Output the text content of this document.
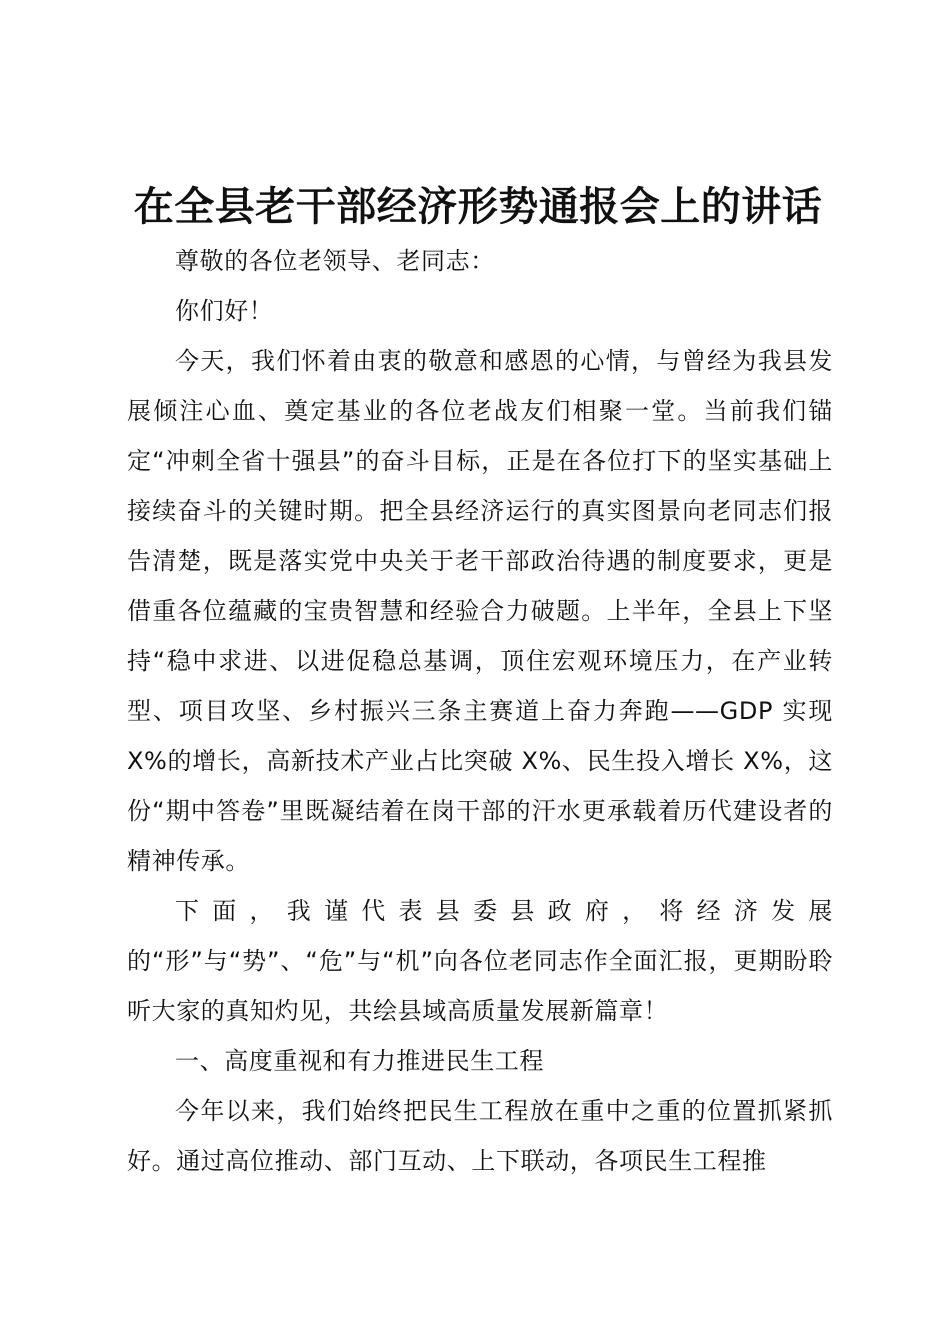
在全县老干部经济形势通报会上的讲话

尊敬的各位老领导、老同志：

你们好！

今天，我们怀着由衷的敬意和感恩的心情，与曾经为我县发展倾注心血、奠定基业的各位老战友们相聚一堂。当前我们锚定“冲刺全省十强县”的奋斗目标，正是在各位打下的坚实基础上接续奋斗的关键时期。把全县经济运行的真实图景向老同志们报告清楚，既是落实党中央关于老干部政治待遇的制度要求，更是借重各位蕴藏的宝贵智慧和经验合力破题。上半年，全县上下坚持“稳中求进、以进促稳总基调，顶住宏观环境压力，在产业转型、项目攻坚、乡村振兴三条主赛道上奋力奔跑——GDP 实现 X%的增长，高新技术产业占比突破 X%、民生投入增长 X%，这份“期中答卷”里既凝结着在岗干部的汗水更承载着历代建设者的精神传承。

下面，我谨代表县委县政府，将经济发展的“形”与“势”、“危”与“机”向各位老同志作全面汇报，更期盼聆听大家的真知灼见，共绘县域高质量发展新篇章！

一、高度重视和有力推进民生工程

今年以来，我们始终把民生工程放在重中之重的位置抓紧抓好。通过高位推动、部门互动、上下联动，各项民生工程推
